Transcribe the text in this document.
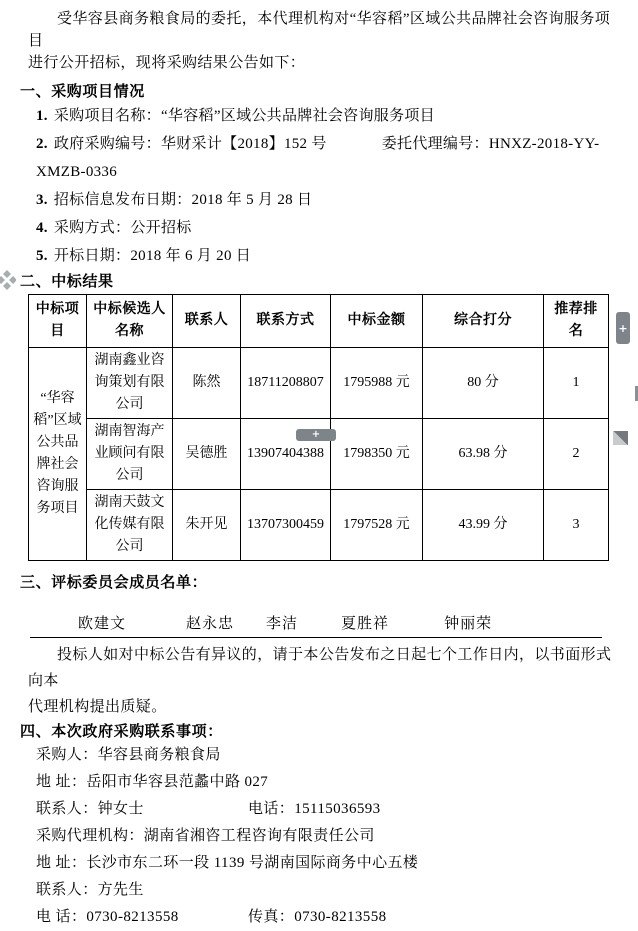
受华容县商务粮食局的委托，本代理机构对“华容稻”区域公共品牌社会咨询服务项目
进行公开招标，现将采购结果公告如下：
一、采购项目情况
1. 采购项目名称：“华容稻”区域公共品牌社会咨询服务项目
2. 政府采购编号：华财采计【2018】152 号	委托代理编号：HNXZ-2018-YY-XMZB-0336
3. 招标信息发布日期：2018 年 5 月 28 日
4. 采购方式：公开招标
5. 开标日期：2018 年 6 月 20 日
二、中标结果
中标项目	中标候选人名称	联系人	联系方式	中标金额	综合打分	推荐排名
“华容稻”区域公共品牌社会咨询服务项目	湖南鑫业咨询策划有限公司	陈然	18711208807	1795988 元	80 分	1
	湖南智海产业顾问有限公司	吴德胜	13907404388	1798350 元	63.98 分	2
	湖南天鼓文化传媒有限公司	朱开见	13707300459	1797528 元	43.99 分	3
三、评标委员会成员名单：
欧建文	赵永忠 李洁	夏胜祥	钟丽荣
投标人如对中标公告有异议的，请于本公告发布之日起七个工作日内，以书面形式向本
代理机构提出质疑。
四、本次政府采购联系事项：
采购人：华容县商务粮食局
地 址：岳阳市华容县范蠡中路 027
联系人：钟女士	电话：15115036593
采购代理机构：湖南省湘咨工程咨询有限责任公司
地 址：长沙市东二环一段 1139 号湖南国际商务中心五楼
联系人：方先生
电 话：0730-8213558	传真：0730-8213558
+
+
